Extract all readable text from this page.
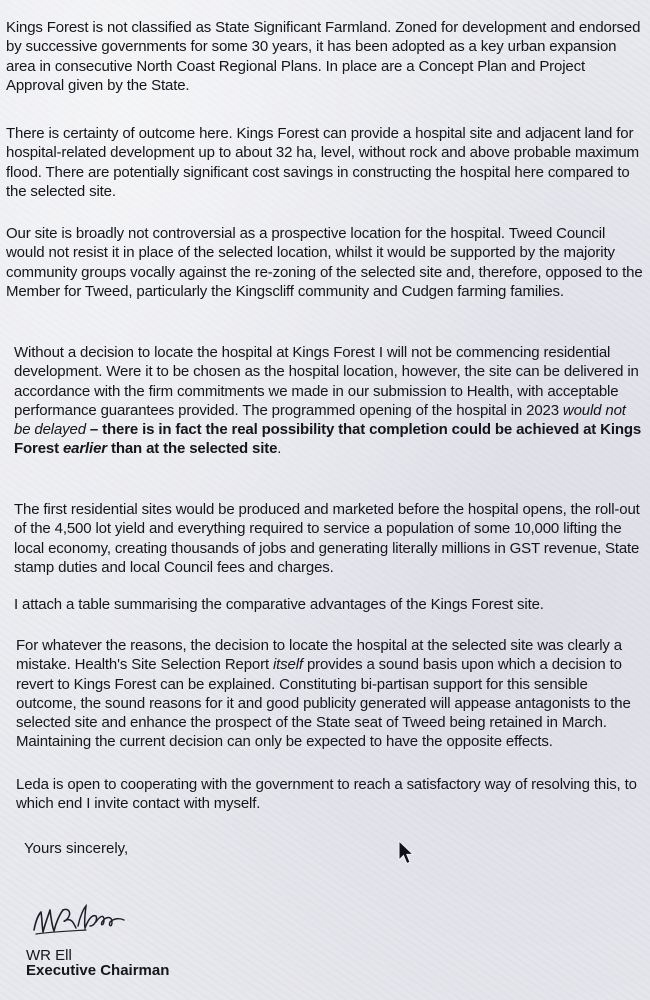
Kings Forest is not classified as State Significant Farmland. Zoned for development and endorsed by successive governments for some 30 years, it has been adopted as a key urban expansion area in consecutive North Coast Regional Plans. In place are a Concept Plan and Project Approval given by the State.

There is certainty of outcome here. Kings Forest can provide a hospital site and adjacent land for hospital-related development up to about 32 ha, level, without rock and above probable maximum flood. There are potentially significant cost savings in constructing the hospital here compared to the selected site.

Our site is broadly not controversial as a prospective location for the hospital. Tweed Council would not resist it in place of the selected location, whilst it would be supported by the majority community groups vocally against the re-zoning of the selected site and, therefore, opposed to the Member for Tweed, particularly the Kingscliff community and Cudgen farming families.

Without a decision to locate the hospital at Kings Forest I will not be commencing residential development. Were it to be chosen as the hospital location, however, the site can be delivered in accordance with the firm commitments we made in our submission to Health, with acceptable performance guarantees provided. The programmed opening of the hospital in 2023 would not be delayed – there is in fact the real possibility that completion could be achieved at Kings Forest earlier than at the selected site.

The first residential sites would be produced and marketed before the hospital opens, the roll-out of the 4,500 lot yield and everything required to service a population of some 10,000 lifting the local economy, creating thousands of jobs and generating literally millions in GST revenue, State stamp duties and local Council fees and charges.

I attach a table summarising the comparative advantages of the Kings Forest site.

For whatever the reasons, the decision to locate the hospital at the selected site was clearly a mistake. Health's Site Selection Report itself provides a sound basis upon which a decision to revert to Kings Forest can be explained. Constituting bi-partisan support for this sensible outcome, the sound reasons for it and good publicity generated will appease antagonists to the selected site and enhance the prospect of the State seat of Tweed being retained in March. Maintaining the current decision can only be expected to have the opposite effects.

Leda is open to cooperating with the government to reach a satisfactory way of resolving this, to which end I invite contact with myself.

Yours sincerely,
WR Ell
Executive Chairman
